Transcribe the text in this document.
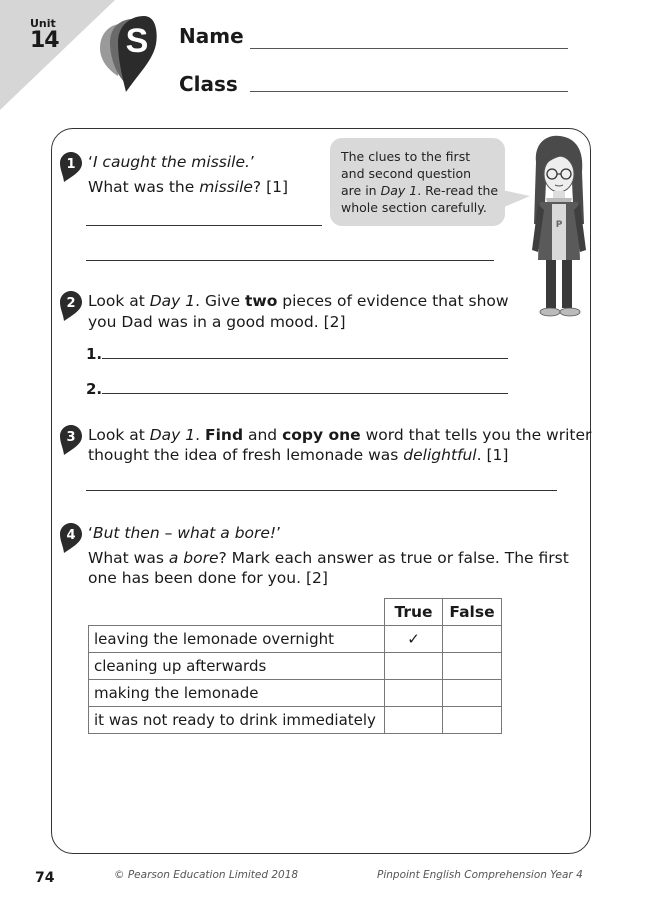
Unit
14 S Name
Class
The clues to the first
and second question
are in Day 1. Re-read the
whole section carefully.
P
1 ‘I caught the missile.’
What was the missile? [1]
2 Look at Day 1. Give two pieces of evidence that show
you Dad was in a good mood. [2]
1.
2.
3 Look at Day 1. Find and copy one word that tells you the writer
thought the idea of fresh lemonade was delightful. [1]
4 ‘But then – what a bore!’
What was a bore? Mark each answer as true or false. The first
one has been done for you. [2]
	True	False
leaving the lemonade overnight	✓	
cleaning up afterwards		
making the lemonade		
it was not ready to drink immediately		
74	© Pearson Education Limited 2018	Pinpoint English Comprehension Year 4
